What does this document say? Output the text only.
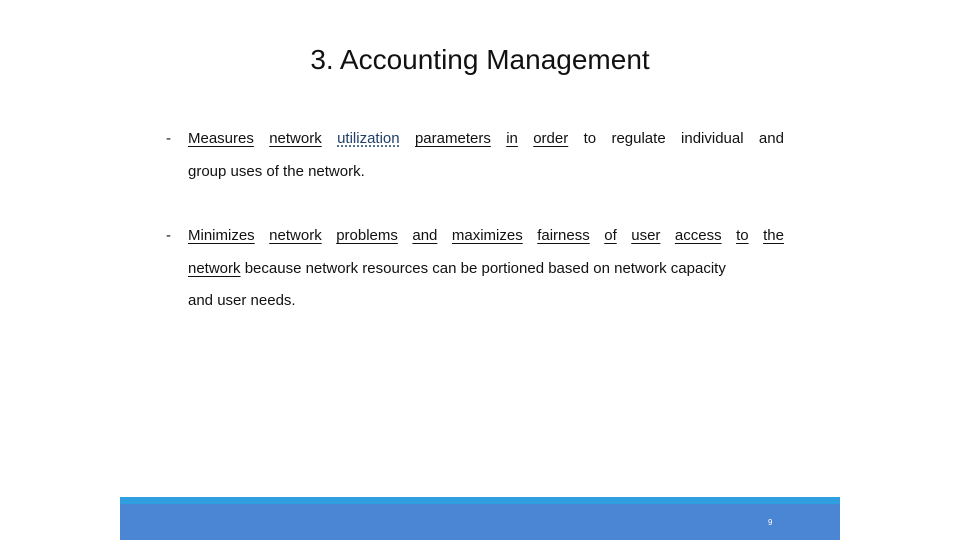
3. Accounting Management
- Measures network utilization parameters in order to regulate individual and
group uses of the network.
- Minimizes network problems and maximizes fairness of user access to the
network because network resources can be portioned based on network capacity
and user needs.
9
